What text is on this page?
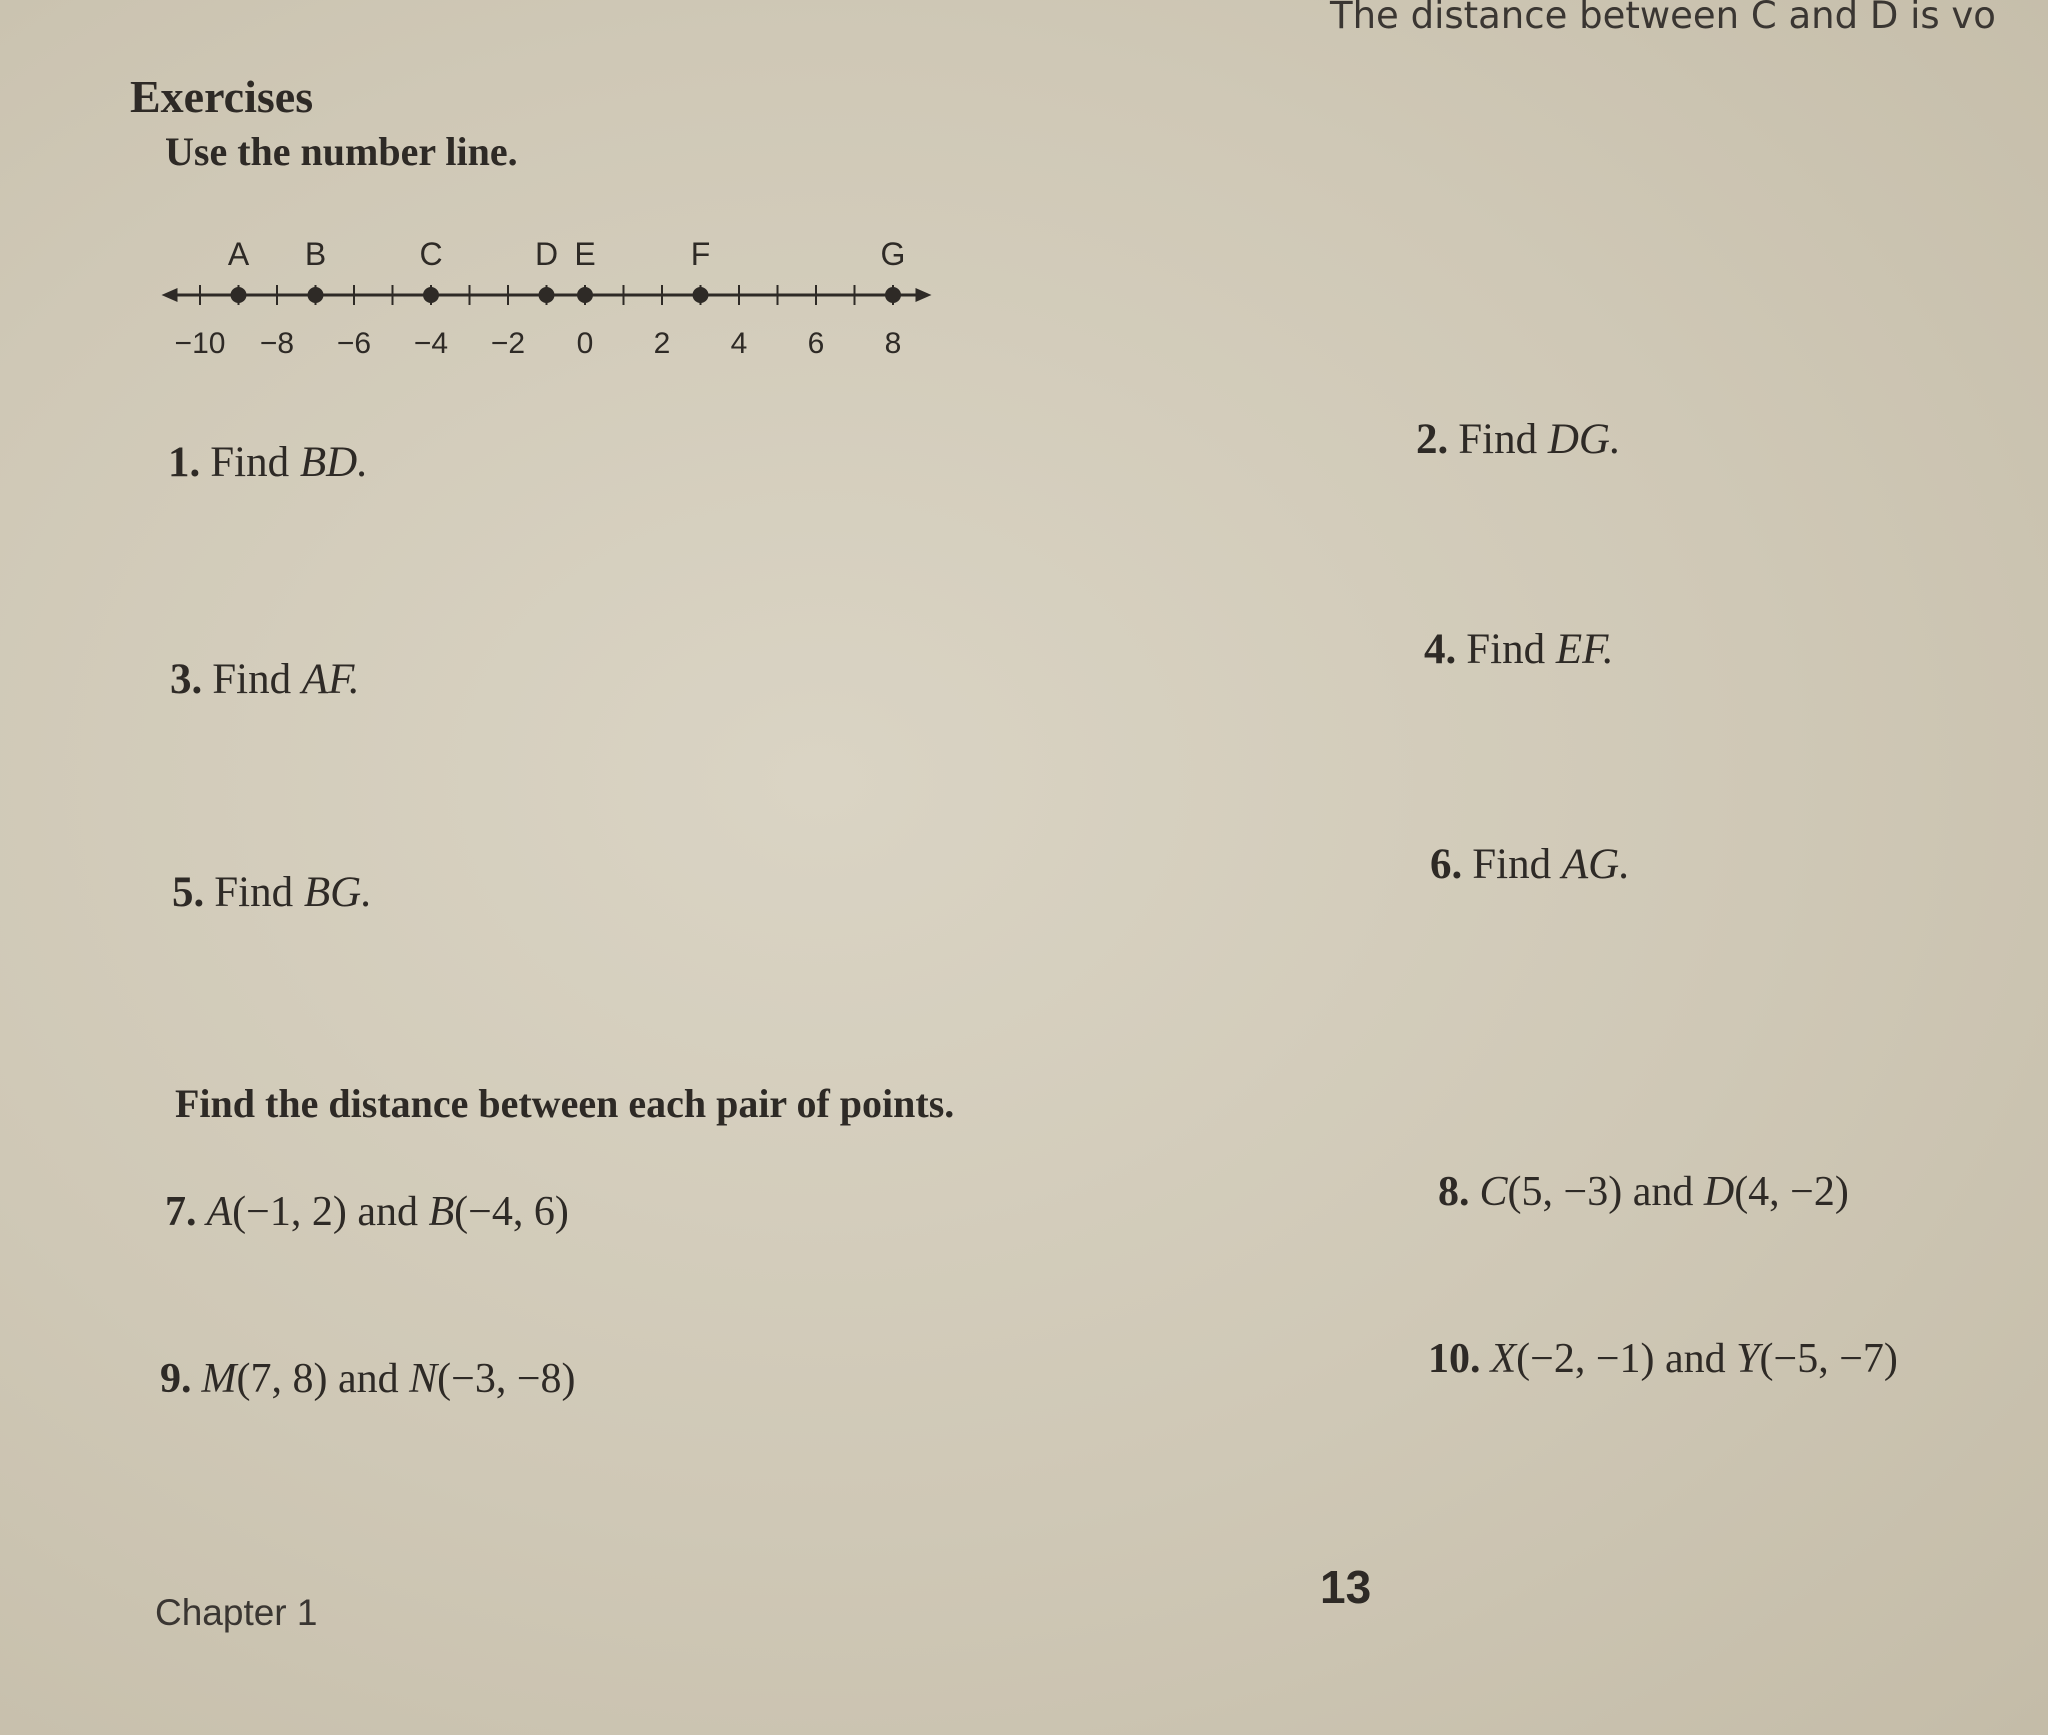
The distance between C and D is vo
Exercises
Use the number line.
A B	C	D E	F	G
−10 −8 −6 −4 −2 0 2 4 6 8
1. Find BD.	2. Find DG.
3. Find AF.
4. Find EF.
5. Find BG.
6. Find AG.
Find the distance between each pair of points.
7. A(−1, 2) and B(−4, 6)	8. C(5, −3) and D(4, −2)
9. M(7, 8) and N(−3, −8)	10. X(−2, −1) and Y(−5, −7)
Chapter 1	13
